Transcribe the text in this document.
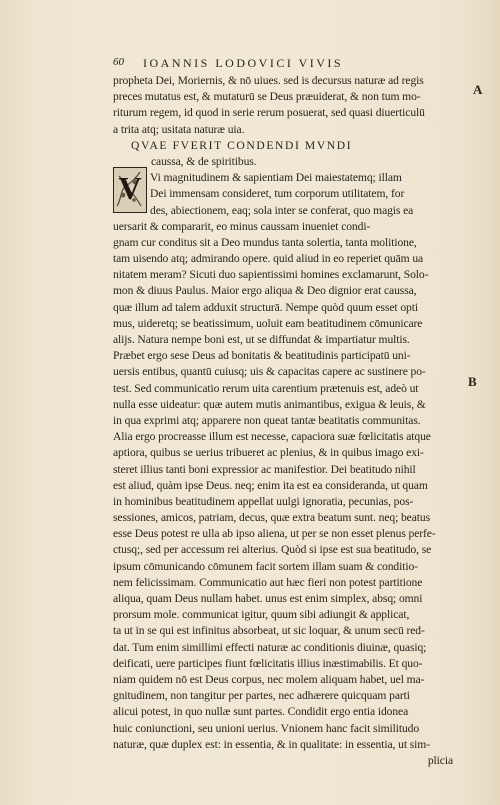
60 IOANNIS LODOVICI VIVIS
A
B
V
propheta Dei, Moriernis, & nō uiues. sed is decursus naturæ ad regis
preces mutatus est, & mutaturū se Deus præuiderat, & non tum mo-
riturum regem, id quod in serie rerum posuerat, sed quasi diuerticulū
a trita atq; usitata naturæ uia.
QVAE FVERIT CONDENDI MVNDI
caussa, & de spiritibus.
Vi magnitudinem & sapientiam Dei maiestatemq; illam
Dei immensam consideret, tum corporum utilitatem, for
des, abiectionem, eaq; sola inter se conferat, quo magis ea
uersarit & compararit, eo minus caussam inueniet condi-
gnam cur conditus sit a Deo mundus tanta solertia, tanta molitione,
tam uisendo atq; admirando opere. quid aliud in eo reperiet quām ua
nitatem meram? Sicuti duo sapientissimi homines exclamarunt, Solo-
mon & diuus Paulus. Maior ergo aliqua & Deo dignior erat caussa,
quæ illum ad talem adduxit structurā. Nempe quòd quum esset opti
mus, uideretq; se beatissimum, uoluit eam beatitudinem cōmunicare
alijs. Natura nempe boni est, ut se diffundat & impartiatur multis.
Præbet ergo sese Deus ad bonitatis & beatitudinis participatū uni-
uersis entibus, quantū cuiusq; uis & capacitas capere ac sustinere po-
test. Sed communicatio rerum uita carentium prætenuis est, adeò ut
nulla esse uideatur: quæ autem mutis animantibus, exigua & leuis, &
in qua exprimi atq; apparere non queat tantæ beatitatis communitas.
Alia ergo procreasse illum est necesse, capaciora suæ fœlicitatis atque
aptiora, quibus se uerius tribueret ac plenius, & in quibus imago exi-
steret illius tanti boni expressior ac manifestior. Dei beatitudo nihil
est aliud, quàm ipse Deus. neq; enim ita est ea consideranda, ut quam
in hominibus beatitudinem appellat uulgi ignoratia, pecunias, pos-
sessiones, amicos, patriam, decus, quæ extra beatum sunt. neq; beatus
esse Deus potest re ulla ab ipso aliena, ut per se non esset plenus perfe-
ctusq;, sed per accessum rei alterius. Quòd si ipse est sua beatitudo, se
ipsum cōmunicando cōmunem facit sortem illam suam & conditio-
nem felicissimam. Communicatio aut hæc fieri non potest partitione
aliqua, quam Deus nullam habet. unus est enim simplex, absq; omni
prorsum mole. communicat igitur, quum sibi adiungit & applicat,
ta ut in se qui est infinitus absorbeat, ut sic loquar, & unum secū red-
dat. Tum enim simillimi effecti naturæ ac conditionis diuinæ, quasiq;
deificati, uere participes fiunt fœlicitatis illius inæstimabilis. Et quo-
niam quidem nō est Deus corpus, nec molem aliquam habet, uel ma-
gnitudinem, non tangitur per partes, nec adhærere quicquam parti
alicui potest, in quo nullæ sunt partes. Condidit ergo entia idonea
huic coniunctioni, seu unioni uerius. Vnionem hanc facit similitudo
naturæ, quæ duplex est: in essentia, & in qualitate: in essentia, ut sim-
plicia
